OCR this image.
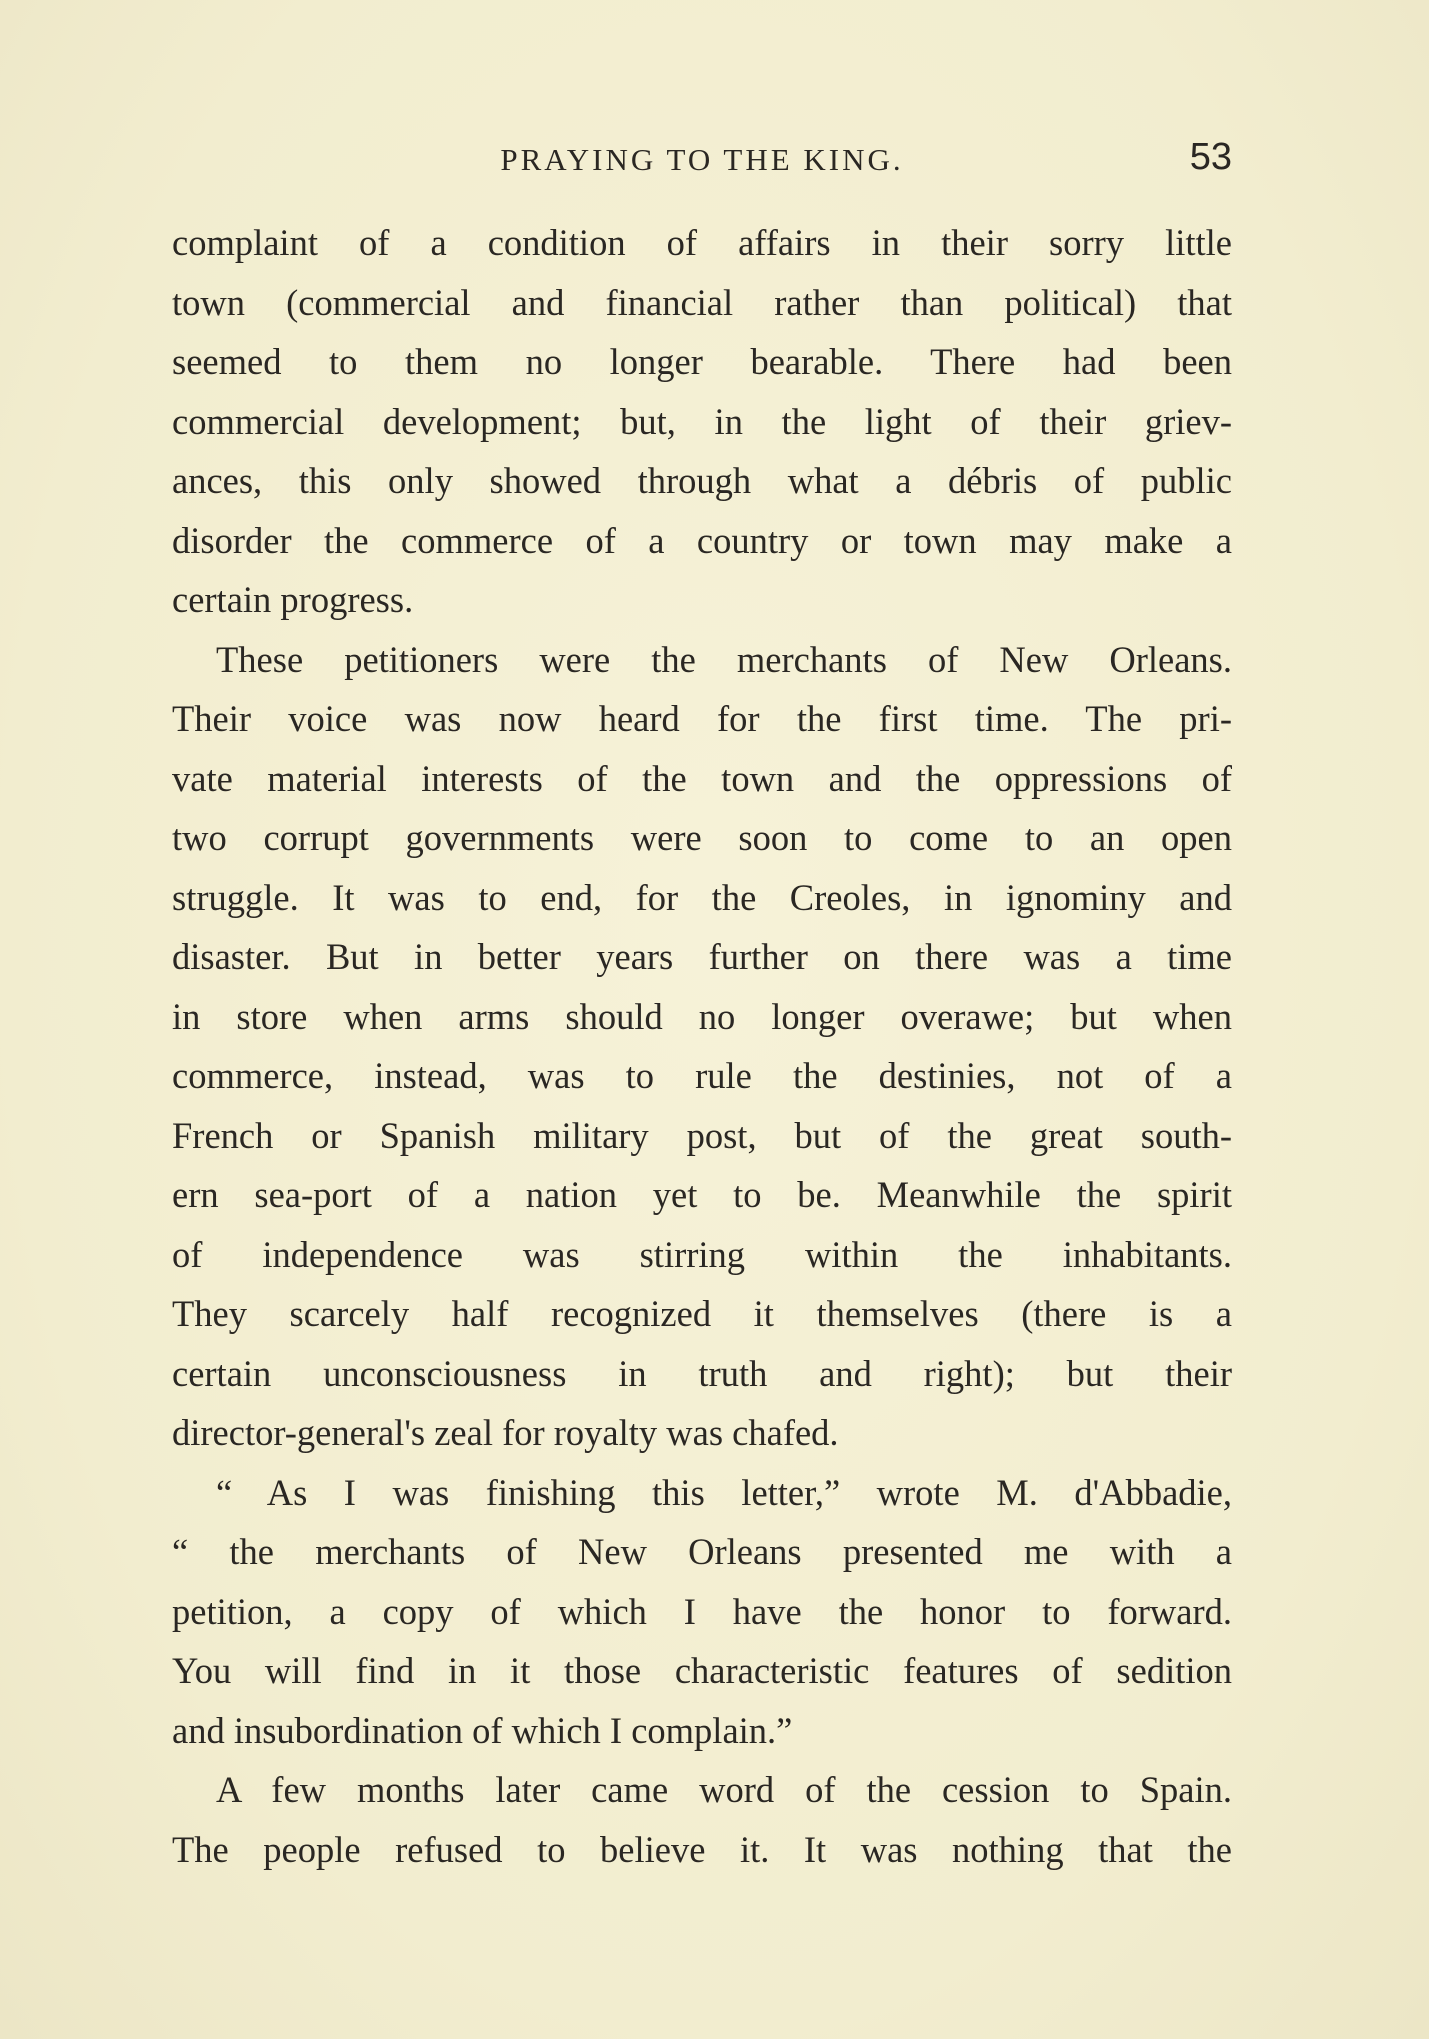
PRAYING TO THE KING.	53
complaint of a condition of affairs in their sorry little
town (commercial and financial rather than political) that
seemed to them no longer bearable. There had been
commercial development; but, in the light of their griev-
ances, this only showed through what a débris of public
disorder the commerce of a country or town may make a
certain progress.
These petitioners were the merchants of New Orleans.
Their voice was now heard for the first time. The pri-
vate material interests of the town and the oppressions of
two corrupt governments were soon to come to an open
struggle. It was to end, for the Creoles, in ignominy and
disaster. But in better years further on there was a time
in store when arms should no longer overawe; but when
commerce, instead, was to rule the destinies, not of a
French or Spanish military post, but of the great south-
ern sea-port of a nation yet to be. Meanwhile the spirit
of independence was stirring within the inhabitants.
They scarcely half recognized it themselves (there is a
certain unconsciousness in truth and right); but their
director-general's zeal for royalty was chafed.
“ As I was finishing this letter,” wrote M. d'Abbadie,
“ the merchants of New Orleans presented me with a
petition, a copy of which I have the honor to forward.
You will find in it those characteristic features of sedition
and insubordination of which I complain.”
A few months later came word of the cession to Spain.
The people refused to believe it. It was nothing that the
